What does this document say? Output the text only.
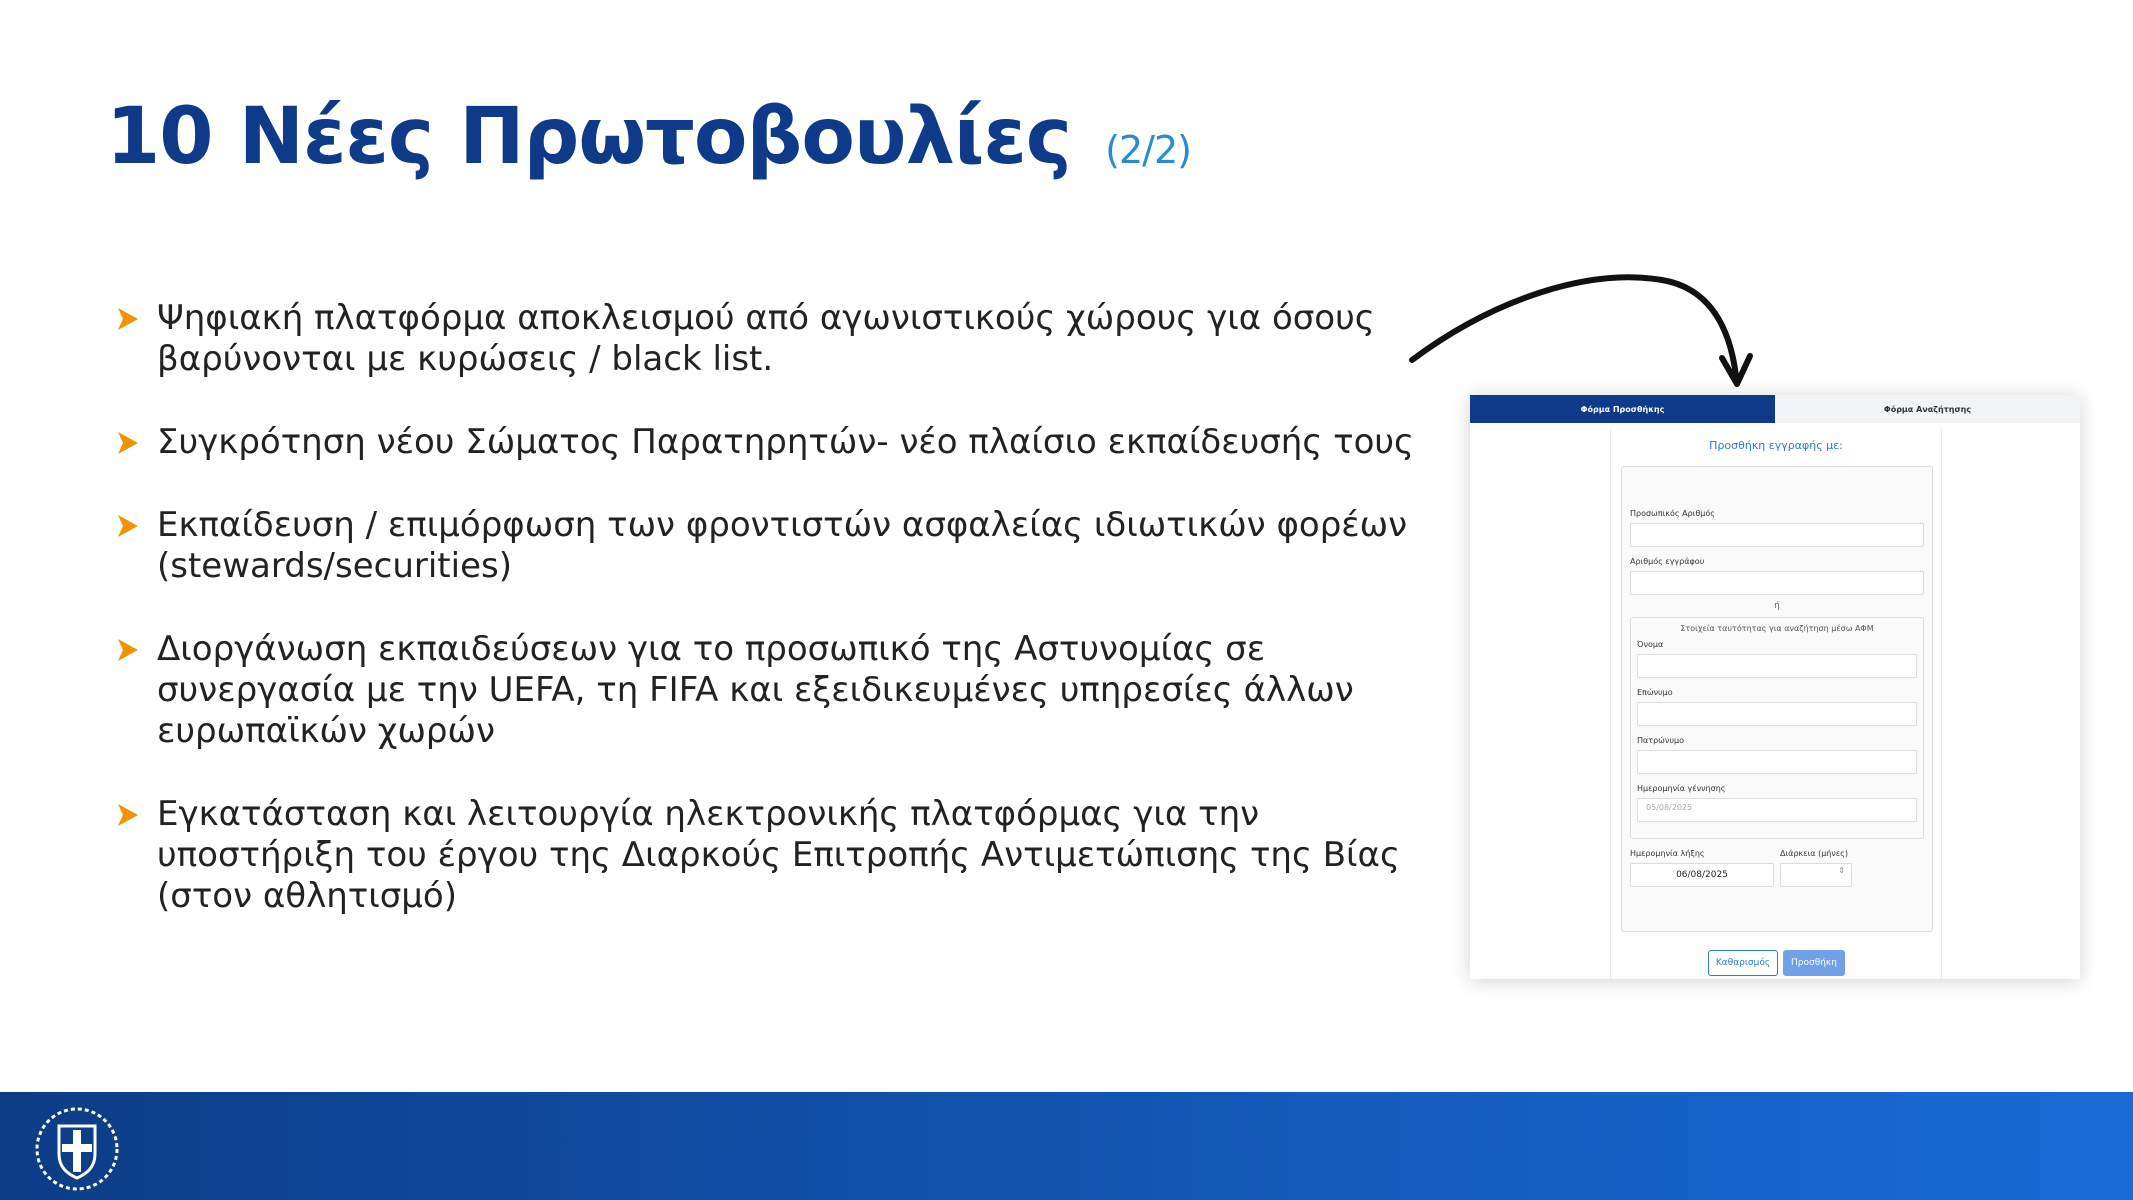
10 Νέες Πρωτοβουλίες (2/2)
Ψηφιακή πλατφόρμα αποκλεισμού από αγωνιστικούς χώρους για όσους βαρύνονται με κυρώσεις / black list.
Συγκρότηση νέου Σώματος Παρατηρητών- νέο πλαίσιο εκπαίδευσής τους
Εκπαίδευση / επιμόρφωση των φροντιστών ασφαλείας ιδιωτικών φορέων (stewards/securities)
Διοργάνωση εκπαιδεύσεων για το προσωπικό της Αστυνομίας σε συνεργασία με την UEFA, τη FIFA και εξειδικευμένες υπηρεσίες άλλων ευρωπαϊκών χωρών
Εγκατάσταση και λειτουργία ηλεκτρονικής πλατφόρμας για την υποστήριξη του έργου της Διαρκούς Επιτροπής Αντιμετώπισης της Βίας (στον αθλητισμό)
Φόρμα Προσθήκης	Φόρμα Αναζήτησης
Προσθήκη εγγραφής με:
Προσωπικός Αριθμός
Αριθμός εγγράφου
ή
Στοιχεία ταυτότητας για αναζήτηση μέσω ΑΦΜ
Όνομα
Επώνυμο
Πατρώνυμο
Ημερομηνία γέννησης
05/08/2025
Ημερομηνία λήξης	Διάρκεια (μήνες)
06/08/2025	⇕
Καθαρισμός	Προσθήκη
